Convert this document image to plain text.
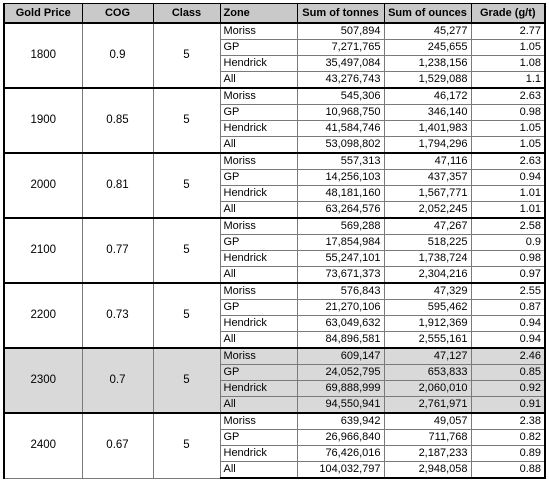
Gold Price	COG	Class	Zone	Sum of tonnes	Sum of ounces	Grade (g/t)
1800	0.9	5	Moriss	507,894	45,277	2.77
			GP	7,271,765	245,655	1.05
			Hendrick	35,497,084	1,238,156	1.08
			All	43,276,743	1,529,088	1.1
1900	0.85	5	Moriss	545,306	46,172	2.63
			GP	10,968,750	346,140	0.98
			Hendrick	41,584,746	1,401,983	1.05
			All	53,098,802	1,794,296	1.05
2000	0.81	5	Moriss	557,313	47,116	2.63
			GP	14,256,103	437,357	0.94
			Hendrick	48,181,160	1,567,771	1.01
			All	63,264,576	2,052,245	1.01
2100	0.77	5	Moriss	569,288	47,267	2.58
			GP	17,854,984	518,225	0.9
			Hendrick	55,247,101	1,738,724	0.98
			All	73,671,373	2,304,216	0.97
2200	0.73	5	Moriss	576,843	47,329	2.55
			GP	21,270,106	595,462	0.87
			Hendrick	63,049,632	1,912,369	0.94
			All	84,896,581	2,555,161	0.94
2300	0.7	5	Moriss	609,147	47,127	2.46
			GP	24,052,795	653,833	0.85
			Hendrick	69,888,999	2,060,010	0.92
			All	94,550,941	2,761,971	0.91
2400	0.67	5	Moriss	639,942	49,057	2.38
			GP	26,966,840	711,768	0.82
			Hendrick	76,426,016	2,187,233	0.89
			All	104,032,797	2,948,058	0.88
